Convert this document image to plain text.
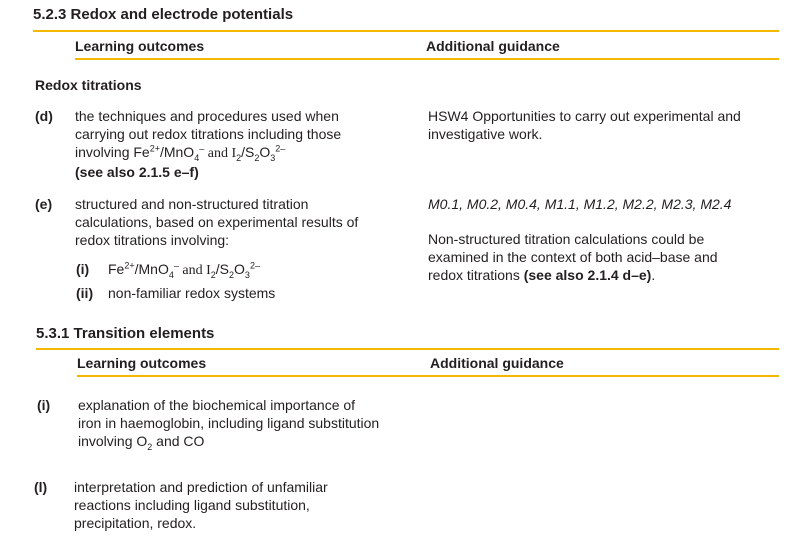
5.2.3 Redox and electrode potentials
Learning outcomes	Additional guidance
Redox titrations
(d) the techniques and procedures used when
carrying out redox titrations including those
involving $Fe^{2+}/MnO_4^-$ and $I_2/S_2O_3^{2-}$
(see also 2.1.5 e–f)
HSW4 Opportunities to carry out experimental and
investigative work.
(e) structured and non-structured titration
calculations, based on experimental results of
redox titrations involving:
(i) $Fe^{2+}/MnO_4^-$ and $I_2/S_2O_3^{2-}$
(ii) non-familiar redox systems
M0.1, M0.2, M0.4, M1.1, M1.2, M2.2, M2.3, M2.4
Non-structured titration calculations could be
examined in the context of both acid–base and
redox titrations (see also 2.1.4 d–e).
5.3.1 Transition elements
Learning outcomes	Additional guidance
(i) explanation of the biochemical importance of
iron in haemoglobin, including ligand substitution
involving $O_2$ and CO
(l) interpretation and prediction of unfamiliar
reactions including ligand substitution,
precipitation, redox.
